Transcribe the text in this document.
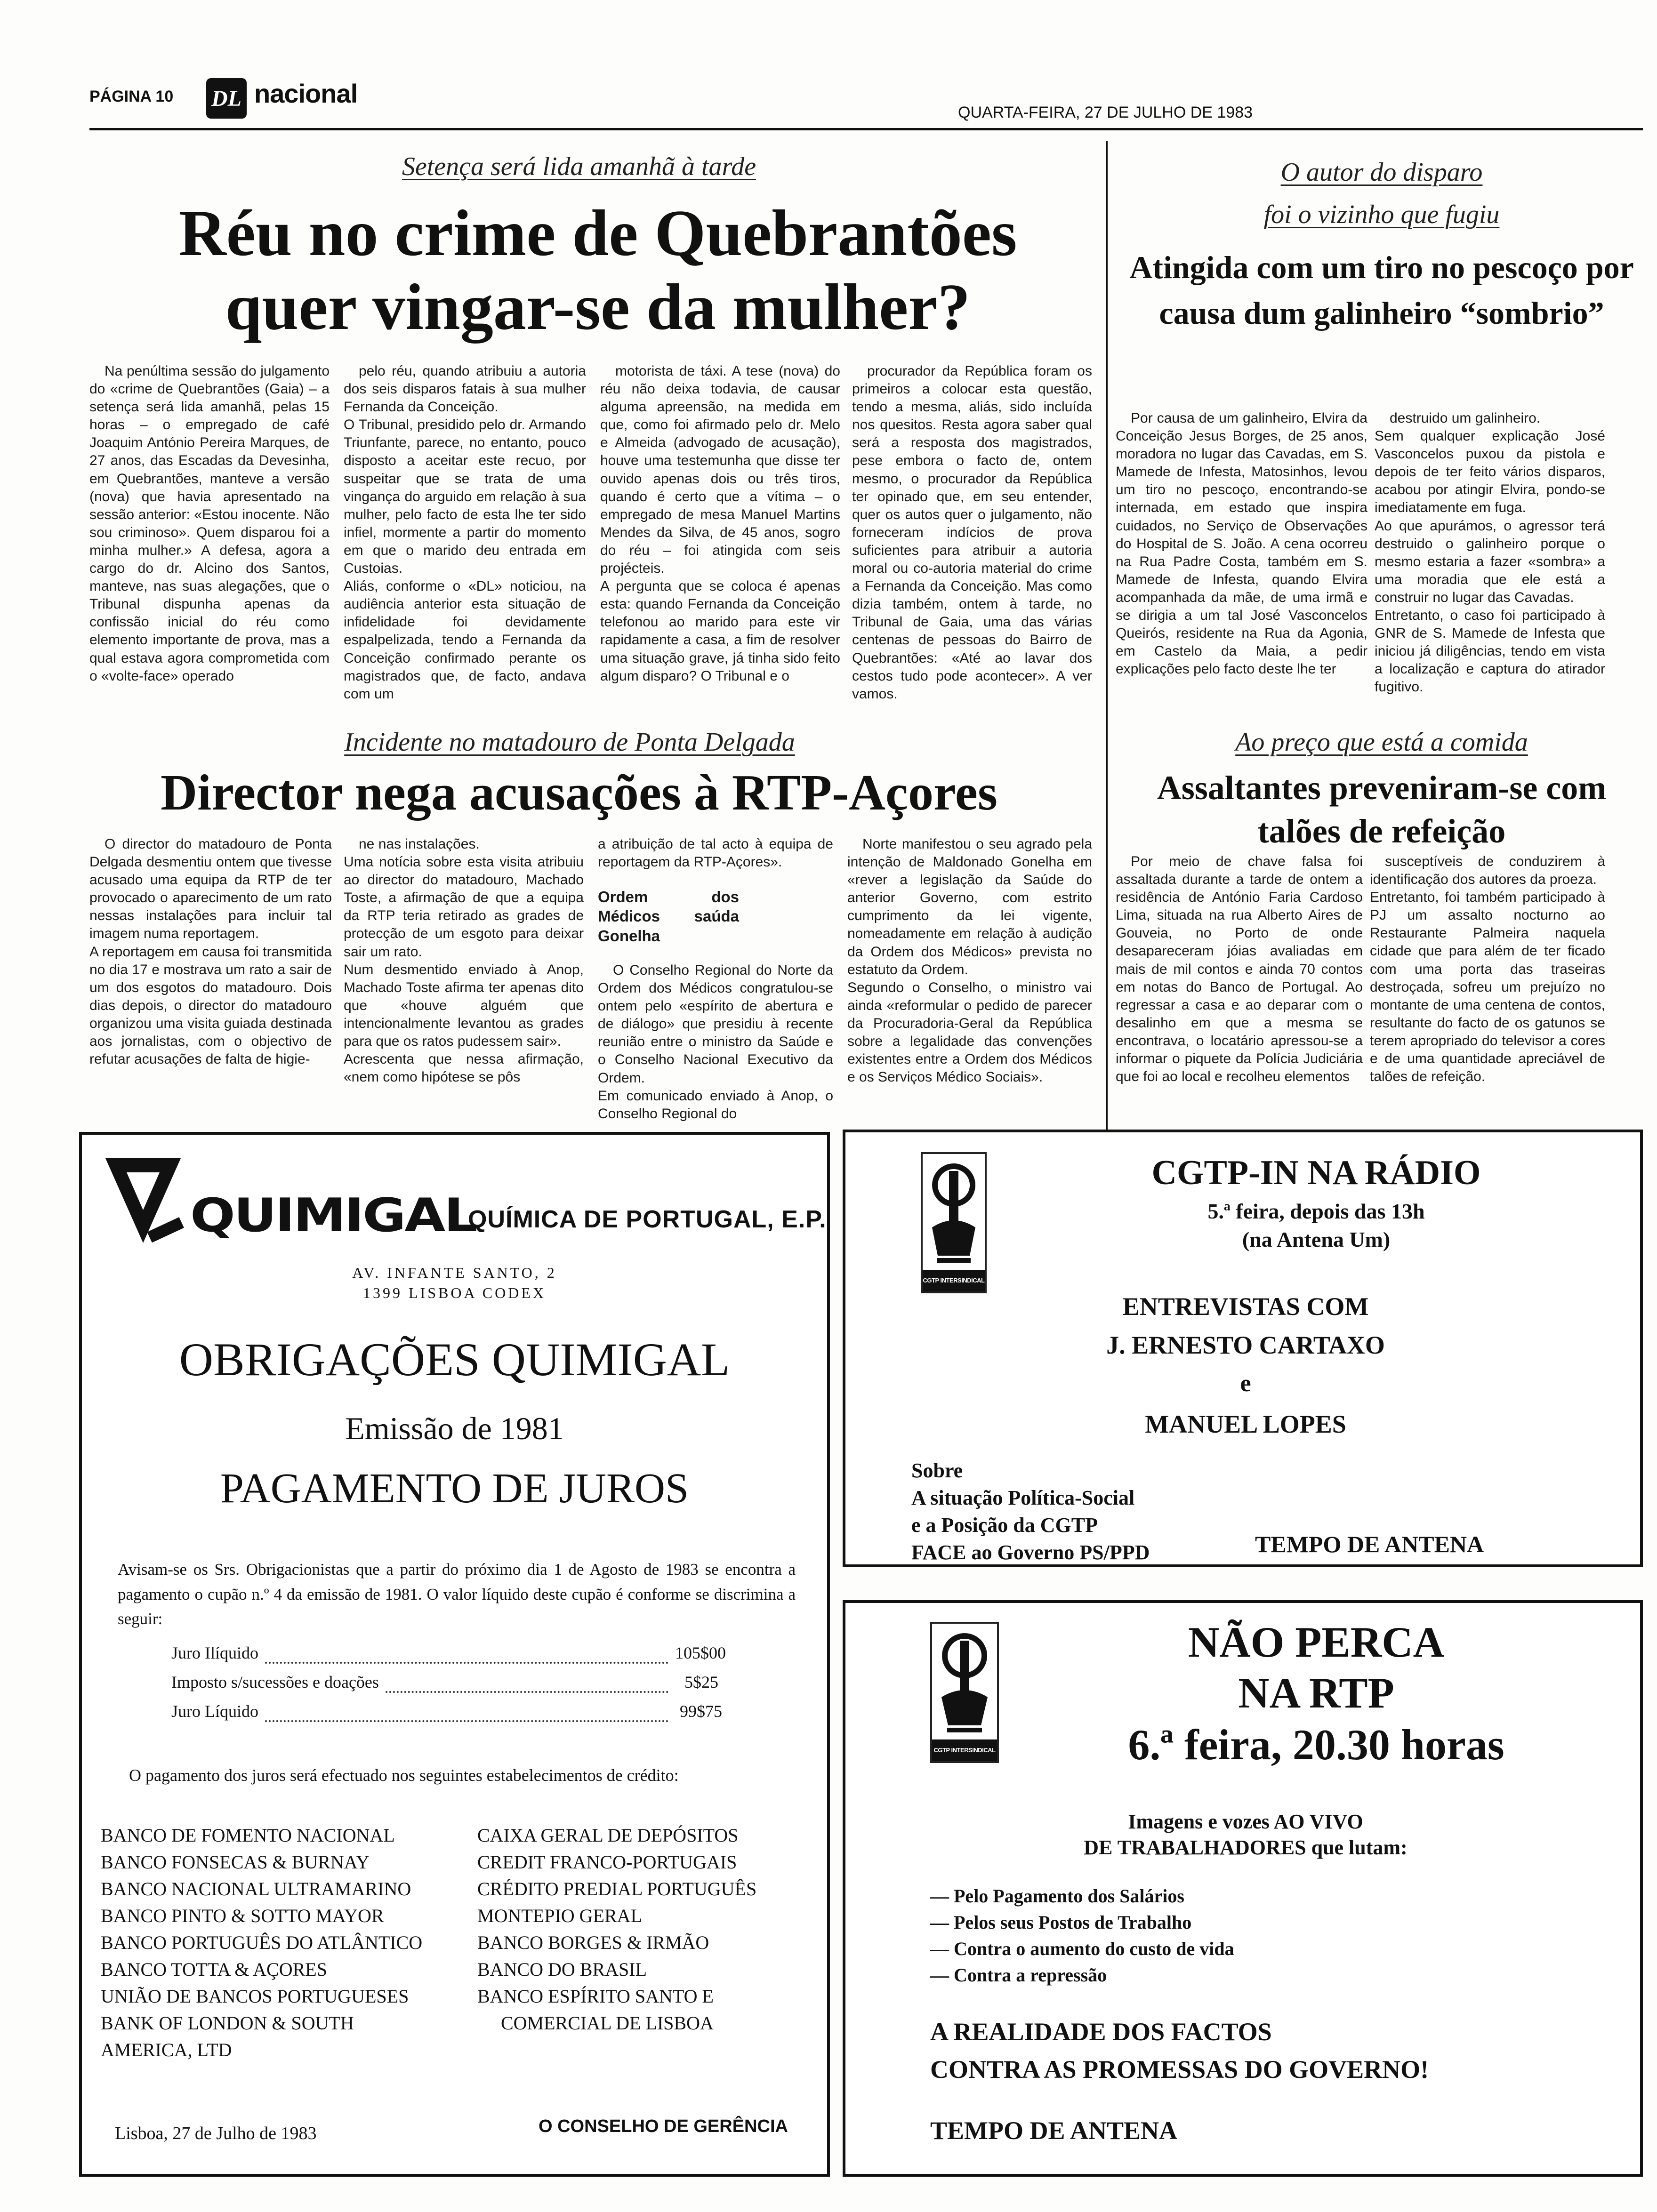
PÁGINA 10 DL nacional
QUARTA-FEIRA, 27 DE JULHO DE 1983
Setença será lida amanhã à tarde
Réu no crime de Quebrantões quer vingar-se da mulher?

Na penúltima sessão do julgamento do «crime de Quebrantões (Gaia) – a setença será lida amanhã, pelas 15 horas – o empregado de café Joaquim António Pereira Marques, de 27 anos, das Escadas da Devesinha, em Quebrantões, manteve a versão (nova) que havia apresentado na sessão anterior: «Estou inocente. Não sou criminoso». Quem disparou foi a minha mulher.» A defesa, agora a cargo do dr. Alcino dos Santos, manteve, nas suas alegações, que o Tribunal dispunha apenas da confissão inicial do réu como elemento importante de prova, mas a qual estava agora comprometida com o «volte-face» operado

pelo réu, quando atribuiu a autoria dos seis disparos fatais à sua mulher Fernanda da Conceição.
O Tribunal, presidido pelo dr. Armando Triunfante, parece, no entanto, pouco disposto a aceitar este recuo, por suspeitar que se trata de uma vingança do arguido em relação à sua mulher, pelo facto de esta lhe ter sido infiel, mormente a partir do momento em que o marido deu entrada em Custoias.
Aliás, conforme o «DL» noticiou, na audiência anterior esta situação de infidelidade foi devidamente espalpelizada, tendo a Fernanda da Conceição confirmado perante os magistrados que, de facto, andava com um
motorista de táxi. A tese (nova) do réu não deixa todavia, de causar alguma apreensão, na medida em que, como foi afirmado pelo dr. Melo e Almeida (advogado de acusação), houve uma testemunha que disse ter ouvido apenas dois ou três tiros, quando é certo que a vítima – o empregado de mesa Manuel Martins Mendes da Silva, de 45 anos, sogro do réu – foi atingida com seis projécteis.
A pergunta que se coloca é apenas esta: quando Fernanda da Conceição telefonou ao marido para este vir rapidamente a casa, a fim de resolver uma situação grave, já tinha sido feito algum disparo? O Tribunal e o
procurador da República foram os primeiros a colocar esta questão, tendo a mesma, aliás, sido incluída nos quesitos. Resta agora saber qual será a resposta dos magistrados, pese embora o facto de, ontem mesmo, o procurador da República ter opinado que, em seu entender, quer os autos quer o julgamento, não forneceram indícios de prova suficientes para atribuir a autoria moral ou co-autoria material do crime a Fernanda da Conceição. Mas como dizia também, ontem à tarde, no Tribunal de Gaia, uma das várias centenas de pessoas do Bairro de Quebrantões: «Até ao lavar dos cestos tudo pode acontecer». A ver vamos.
O autor do disparo
foi o vizinho que fugiu
Atingida com um tiro no pescoço por causa dum galinheiro “sombrio”
Por causa de um galinheiro, Elvira da Conceição Jesus Borges, de 25 anos, moradora no lugar das Cavadas, em S. Mamede de Infesta, Matosinhos, levou um tiro no pescoço, encontrando-se internada, em estado que inspira cuidados, no Serviço de Observações do Hospital de S. João. A cena ocorreu na Rua Padre Costa, também em S. Mamede de Infesta, quando Elvira acompanhada da mãe, de uma irmã e se dirigia a um tal José Vasconcelos Queirós, residente na Rua da Agonia, em Castelo da Maia, a pedir explicações pelo facto deste lhe ter
destruido um galinheiro.
Sem qualquer explicação José Vasconcelos puxou da pistola e depois de ter feito vários disparos, acabou por atingir Elvira, pondo-se imediatamente em fuga.
Ao que apurámos, o agressor terá destruido o galinheiro porque o mesmo estaria a fazer «sombra» a uma moradia que ele está a construir no lugar das Cavadas.
Entretanto, o caso foi participado à GNR de S. Mamede de Infesta que iniciou já diligências, tendo em vista a localização e captura do atirador fugitivo.
Incidente no matadouro de Ponta Delgada
Director nega acusações à RTP-Açores
O director do matadouro de Ponta Delgada desmentiu ontem que tivesse acusado uma equipa da RTP de ter provocado o aparecimento de um rato nessas instalações para incluir tal imagem numa reportagem.
A reportagem em causa foi transmitida no dia 17 e mostrava um rato a sair de um dos esgotos do matadouro. Dois dias depois, o director do matadouro organizou uma visita guiada destinada aos jornalistas, com o objectivo de refutar acusações de falta de higie-
ne nas instalações.
Uma notícia sobre esta visita atribuiu ao director do matadouro, Machado Toste, a afirmação de que a equipa da RTP teria retirado as grades de protecção de um esgoto para deixar sair um rato.
Num desmentido enviado à Anop, Machado Toste afirma ter apenas dito que «houve alguém que intencionalmente levantou as grades para que os ratos pudessem sair».
Acrescenta que nessa afirmação, «nem como hipótese se pôs
a atribuição de tal acto à equipa de reportagem da RTP-Açores».
Ordem dos Médicos saúda Gonelha
O Conselho Regional do Norte da Ordem dos Médicos congratulou-se ontem pelo «espírito de abertura e de diálogo» que presidiu à recente reunião entre o ministro da Saúde e o Conselho Nacional Executivo da Ordem.
Em comunicado enviado à Anop, o Conselho Regional do
Norte manifestou o seu agrado pela intenção de Maldonado Gonelha em «rever a legislação da Saúde do anterior Governo, com estrito cumprimento da lei vigente, nomeadamente em relação à audição da Ordem dos Médicos» prevista no estatuto da Ordem.
Segundo o Conselho, o ministro vai ainda «reformular o pedido de parecer da Procuradoria-Geral da República sobre a legalidade das convenções existentes entre a Ordem dos Médicos e os Serviços Médico Sociais».
Ao preço que está a comida
Assaltantes preveniram-se com talões de refeição
Por meio de chave falsa foi assaltada durante a tarde de ontem a residência de António Faria Cardoso Lima, situada na rua Alberto Aires de Gouveia, no Porto de onde desapareceram jóias avaliadas em mais de mil contos e ainda 70 contos em notas do Banco de Portugal. Ao regressar a casa e ao deparar com o desalinho em que a mesma se encontrava, o locatário apressou-se a informar o piquete da Polícia Judiciária que foi ao local e recolheu elementos
susceptíveis de conduzirem à identificação dos autores da proeza.
Entretanto, foi também participado à PJ um assalto nocturno ao Restaurante Palmeira naquela cidade que para além de ter ficado com uma porta das traseiras destroçada, sofreu um prejuízo no montante de uma centena de contos, resultante do facto de os gatunos se terem apropriado do televisor a cores e de uma quantidade apreciável de talões de refeição.
QUIMIGAL
QUÍMICA DE PORTUGAL, E.P.
AV. INFANTE SANTO, 2
1399 LISBOA CODEX
OBRIGAÇÕES QUIMIGAL
Emissão de 1981
PAGAMENTO DE JUROS
Avisam-se os Srs. Obrigacionistas que a partir do próximo dia 1 de Agosto de 1983 se encontra a pagamento o cupão n.º 4 da emissão de 1981. O valor líquido deste cupão é conforme se discrimina a seguir:
Juro Ilíquido	105$00
Imposto s/sucessões e doações	5$25
Juro Líquido	99$75
O pagamento dos juros será efectuado nos seguintes estabelecimentos de crédito:
BANCO DE FOMENTO NACIONAL
BANCO FONSECAS & BURNAY
BANCO NACIONAL ULTRAMARINO
BANCO PINTO & SOTTO MAYOR
BANCO PORTUGUÊS DO ATLÂNTICO
BANCO TOTTA & AÇORES
UNIÃO DE BANCOS PORTUGUESES
BANK OF LONDON & SOUTH
AMERICA, LTD
CAIXA GERAL DE DEPÓSITOS
CREDIT FRANCO-PORTUGAIS
CRÉDITO PREDIAL PORTUGUÊS
MONTEPIO GERAL
BANCO BORGES & IRMÃO
BANCO DO BRASIL
BANCO ESPÍRITO SANTO E
COMERCIAL DE LISBOA
Lisboa, 27 de Julho de 1983	O CONSELHO DE GERÊNCIA
CGTP INTERSINDICAL
CGTP-IN NA RÁDIO
5.ª feira, depois das 13h
(na Antena Um)
ENTREVISTAS COM
J. ERNESTO CARTAXO
e
MANUEL LOPES
Sobre
A situação Política-Social
e a Posição da CGTP
FACE ao Governo PS/PPD	TEMPO DE ANTENA
CGTP INTERSINDICAL
NÃO PERCA
NA RTP
6.ª feira, 20.30 horas
Imagens e vozes AO VIVO
DE TRABALHADORES que lutam:
— Pelo Pagamento dos Salários
— Pelos seus Postos de Trabalho
— Contra o aumento do custo de vida
— Contra a repressão
A REALIDADE DOS FACTOS
CONTRA AS PROMESSAS DO GOVERNO!
TEMPO DE ANTENA
